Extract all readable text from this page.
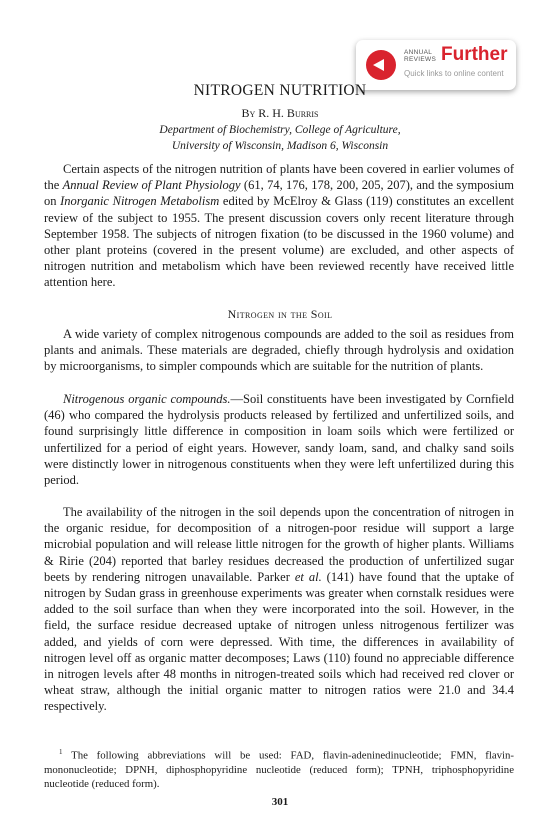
ANNUAL REVIEWS Further
Quick links to online content
NITROGEN NUTRITION
By R. H. Burris
Department of Biochemistry, College of Agriculture,
University of Wisconsin, Madison 6, Wisconsin

Certain aspects of the nitrogen nutrition of plants have been covered in earlier volumes of the Annual Review of Plant Physiology (61, 74, 176, 178, 200, 205, 207), and the symposium on Inorganic Nitrogen Metabolism edited by McElroy & Glass (119) constitutes an excellent review of the subject to 1955. The present discussion covers only recent literature through September 1958. The subjects of nitrogen fixation (to be discussed in the 1960 volume) and other plant proteins (covered in the present volume) are excluded, and other aspects of nitrogen nutrition and metabolism which have been reviewed recently have received little attention here.

Nitrogen in the Soil

A wide variety of complex nitrogenous compounds are added to the soil as residues from plants and animals. These materials are degraded, chiefly through hydrolysis and oxidation by microorganisms, to simpler compounds which are suitable for the nutrition of plants.

Nitrogenous organic compounds.—Soil constituents have been investigated by Cornfield (46) who compared the hydrolysis products released by fertilized and unfertilized soils, and found surprisingly little difference in composition in loam soils which were fertilized or unfertilized for a period of eight years. However, sandy loam, sand, and chalky sand soils were distinctly lower in nitrogenous constituents when they were left unfertilized during this period.

The availability of the nitrogen in the soil depends upon the concentration of nitrogen in the organic residue, for decomposition of a nitrogen-poor residue will support a large microbial population and will release little nitrogen for the growth of higher plants. Williams & Ririe (204) reported that barley residues decreased the production of unfertilized sugar beets by rendering nitrogen unavailable. Parker et al. (141) have found that the uptake of nitrogen by Sudan grass in greenhouse experiments was greater when cornstalk residues were added to the soil surface than when they were incorporated into the soil. However, in the field, the surface residue decreased uptake of nitrogen unless nitrogenous fertilizer was added, and yields of corn were depressed. With time, the differences in availability of nitrogen level off as organic matter decomposes; Laws (110) found no appreciable difference in nitrogen levels after 48 months in nitrogen-treated soils which had received red clover or wheat straw, although the initial organic matter to nitrogen ratios were 21.0 and 34.4 respectively.

$^1$ The following abbreviations will be used: FAD, flavin-adeninedinucleotide; FMN, flavin-mononucleotide; DPNH, diphosphopyridine nucleotide (reduced form); TPNH, triphosphopyridine nucleotide (reduced form).

301
